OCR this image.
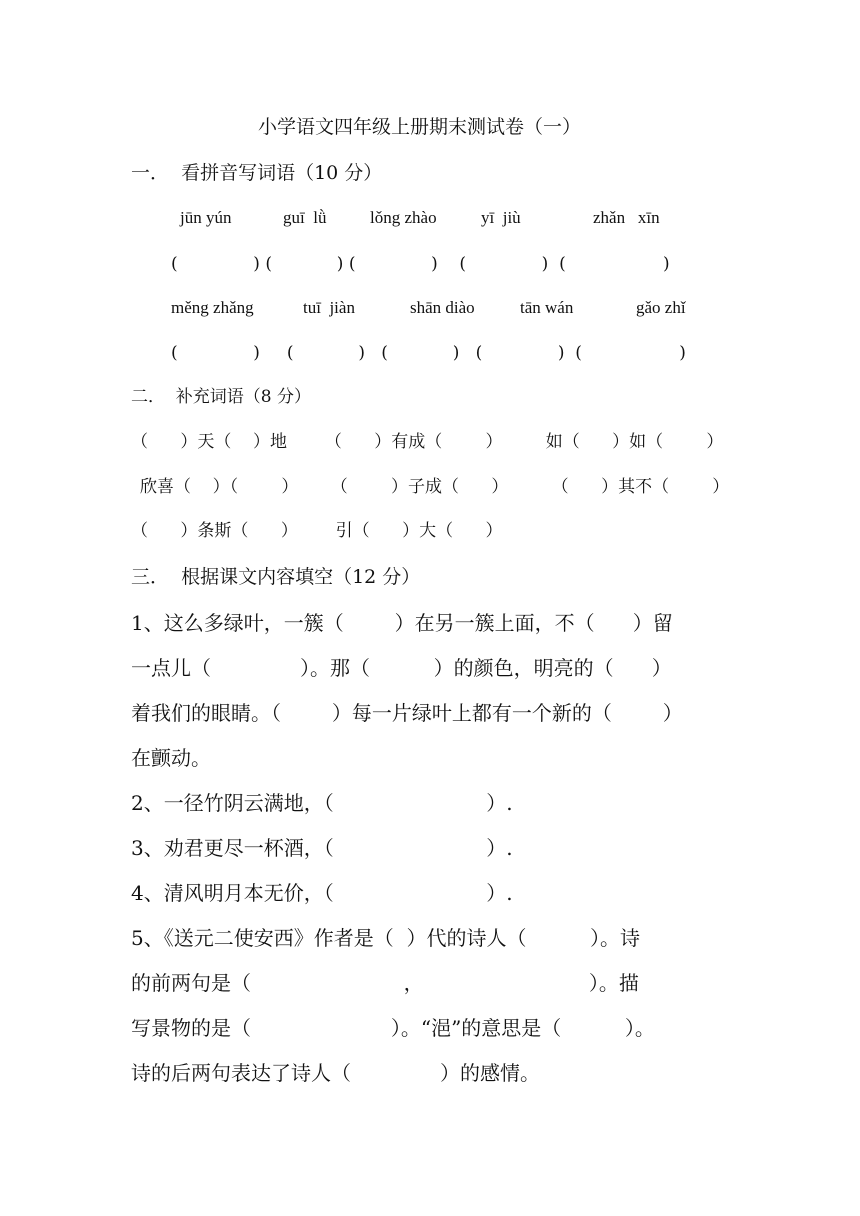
小学语文四年级上册期末测试卷（一）
一．  看拼音写词语（10 分）
jūn yún	guī  lǜ	lǒng zhào	yī  jiù	zhǎn   xīn
(              ) (            ) (              )    (              )  (                  )
měng zhǎng	tuī  jiàn	shān diào	tān wán	gǎo zhǐ
(              )     (            )   (            )   (              )  (                  )
二．  补充词语（8 分）
（      ）天（    ）地       （      ）有成（        ）        如（      ）如（        ）
欣喜（    ）（        ）      （        ）子成（      ）        （      ）其不（        ）
（      ）条斯（      ）       引（      ）大（      ）
三．  根据课文内容填空（12 分）
1、这么多绿叶，一簇（        ）在另一簇上面，不（      ）留
一点儿（              ）。那（          ）的颜色，明亮的（      ）
着我们的眼睛。（        ）每一片绿叶上都有一个新的（        ）
在颤动。
2、一径竹阴云满地，（                        ）.
3、劝君更尽一杯酒，（                        ）.
4、清风明月本无价，（                        ）.
5、《送元二使安西》作者是（  ）代的诗人（          ）。诗
的前两句是（                        ，                          ）。描
写景物的是（                      ）。“浥”的意思是（          ）。
诗的后两句表达了诗人（              ）的感情。
